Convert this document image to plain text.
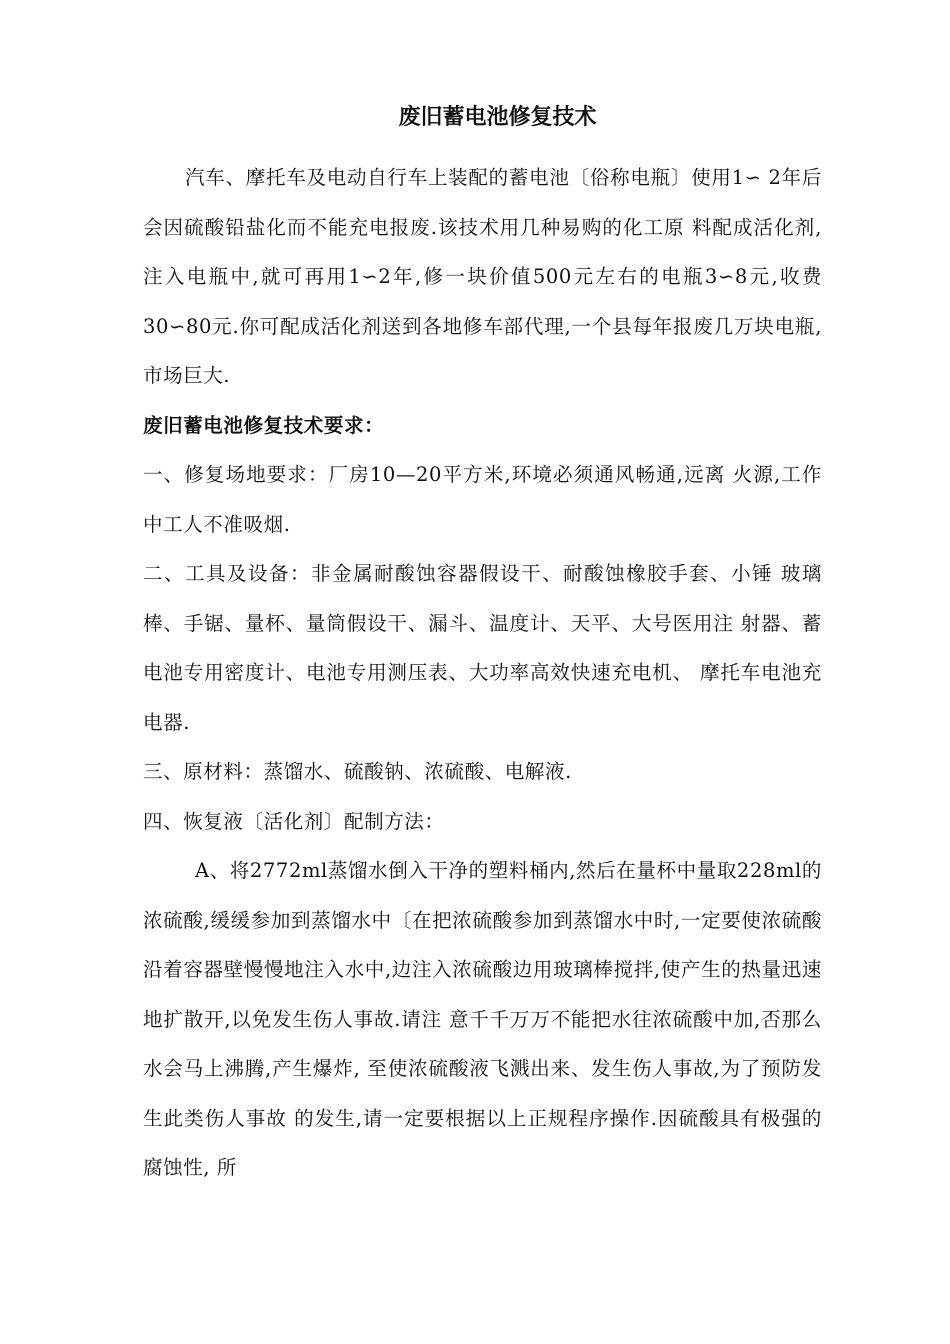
废旧蓄电池修复技术

汽车、摩托车及电动自行车上装配的蓄电池〔俗称电瓶〕使用1∽ 2年后会因硫酸铅盐化而不能充电报废.该技术用几种易购的化工原 料配成活化剂,注入电瓶中,就可再用1∽2年,修一块价值500元左右的电瓶3∽8元,收费30∽80元.你可配成活化剂送到各地修车部代理,一个县每年报废几万块电瓶,市场巨大.

废旧蓄电池修复技术要求：

一、修复场地要求：厂房10—20平方米,环境必须通风畅通,远离 火源,工作中工人不准吸烟.

二、工具及设备：非金属耐酸蚀容器假设干、耐酸蚀橡胶手套、小锤 玻璃棒、手锯、量杯、量筒假设干、漏斗、温度计、天平、大号医用注 射器、蓄电池专用密度计、电池专用测压表、大功率高效快速充电机、 摩托车电池充电器.

三、原材料：蒸馏水、硫酸钠、浓硫酸、电解液.

四、恢复液〔活化剂〕配制方法：

A、将2772ml蒸馏水倒入干净的塑料桶内,然后在量杯中量取228ml的浓硫酸,缓缓参加到蒸馏水中〔在把浓硫酸参加到蒸馏水中时,一定要使浓硫酸沿着容器壁慢慢地注入水中,边注入浓硫酸边用玻璃棒搅拌,使产生的热量迅速地扩散开,以免发生伤人事故.请注 意千千万万不能把水往浓硫酸中加,否那么水会马上沸腾,产生爆炸, 至使浓硫酸液飞溅出来、发生伤人事故,为了预防发生此类伤人事故 的发生,请一定要根据以上正规程序操作.因硫酸具有极强的腐蚀性, 所
